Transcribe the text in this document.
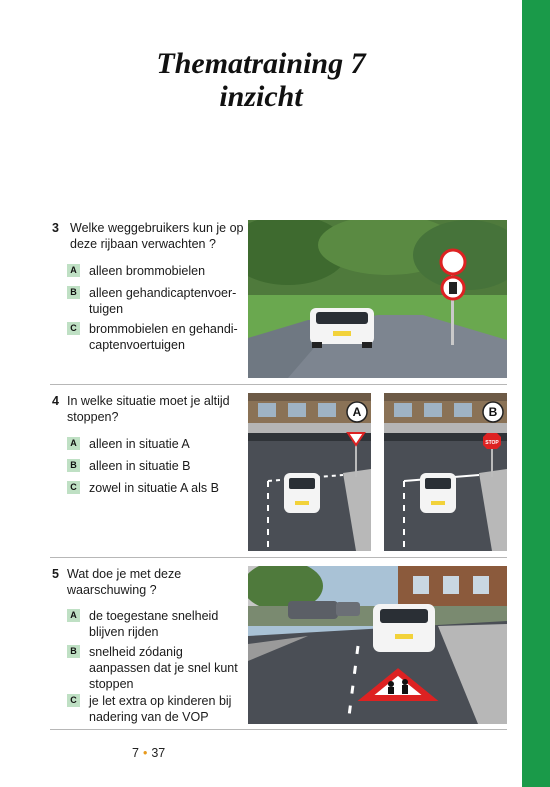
Thematraining 7
inzicht
3
A alleen brommobielen
B alleen gehandicaptenvoer-tuigen
C brommobielen en gehandi-captenvoertuigen
Welke weggebruikers kun je op deze rijbaan verwachten ?
4 In welke situatie moet je altijd stoppen?
A alleen in situatie A
B alleen in situatie B
C zowel in situatie A als B
A
STOP
B
5 Wat doe je met deze waarschuwing ?
A de toegestane snelheid blijven rijden
B snelheid zódanig aanpassen dat je snel kunt stoppen
C je let extra op kinderen bij nadering van de VOP
7 • 37
